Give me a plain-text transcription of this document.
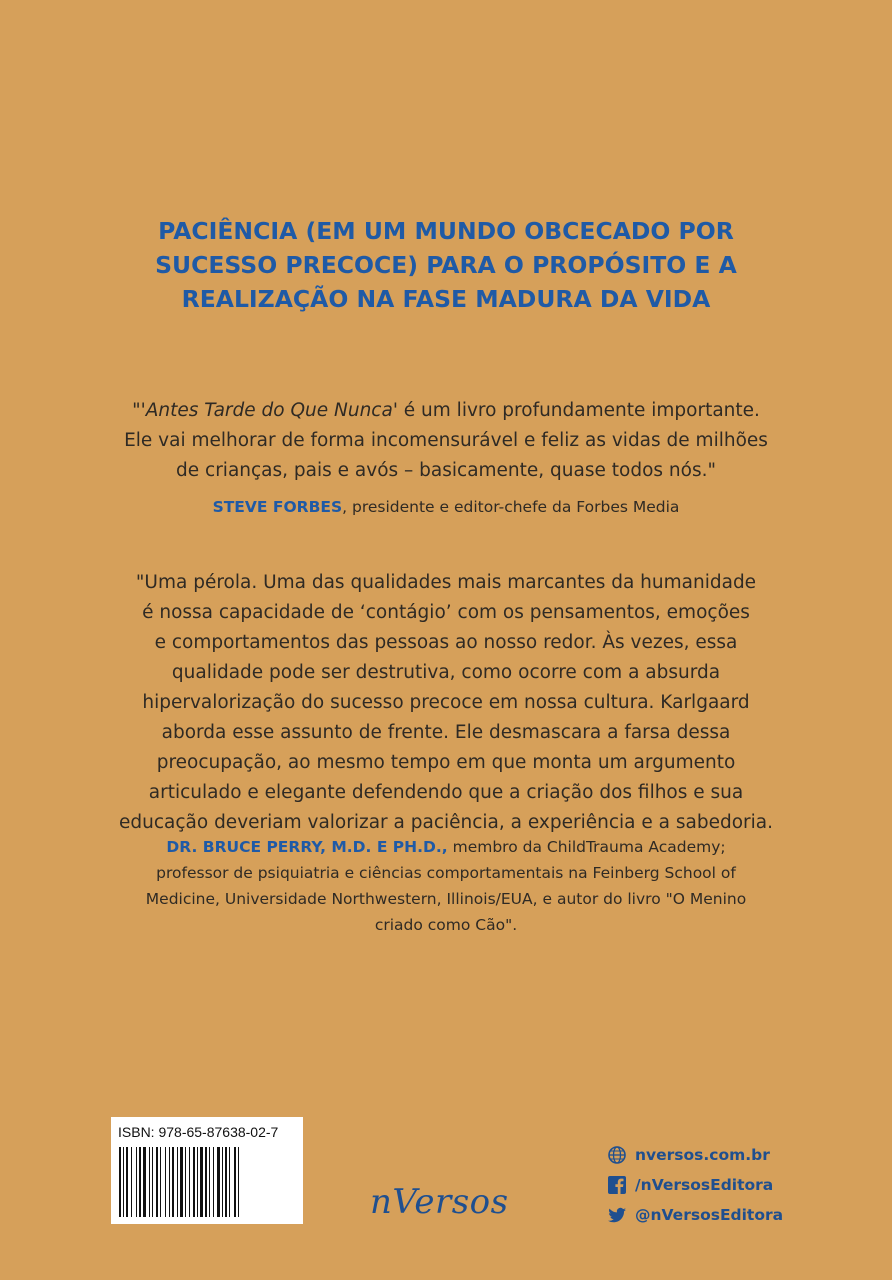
PACIÊNCIA (EM UM MUNDO OBCECADO POR
SUCESSO PRECOCE) PARA O PROPÓSITO E A
REALIZAÇÃO NA FASE MADURA DA VIDA
"'Antes Tarde do Que Nunca' é um livro profundamente importante.
Ele vai melhorar de forma incomensurável e feliz as vidas de milhões
de crianças, pais e avós – basicamente, quase todos nós."
STEVE FORBES, presidente e editor-chefe da Forbes Media
"Uma pérola. Uma das qualidades mais marcantes da humanidade
é nossa capacidade de ‘contágio’ com os pensamentos, emoções
e comportamentos das pessoas ao nosso redor. Às vezes, essa
qualidade pode ser destrutiva, como ocorre com a absurda
hipervalorização do sucesso precoce em nossa cultura. Karlgaard
aborda esse assunto de frente. Ele desmascara a farsa dessa
preocupação, ao mesmo tempo em que monta um argumento
articulado e elegante defendendo que a criação dos filhos e sua
educação deveriam valorizar a paciência, a experiência e a sabedoria.
DR. BRUCE PERRY, M.D. E PH.D., membro da ChildTrauma Academy;
professor de psiquiatria e ciências comportamentais na Feinberg School of
Medicine, Universidade Northwestern, Illinois/EUA, e autor do livro "O Menino
criado como Cão".
ISBN: 978-65-87638-02-7
nVersos
nversos.com.br
/nVersosEditora
@nVersosEditora
